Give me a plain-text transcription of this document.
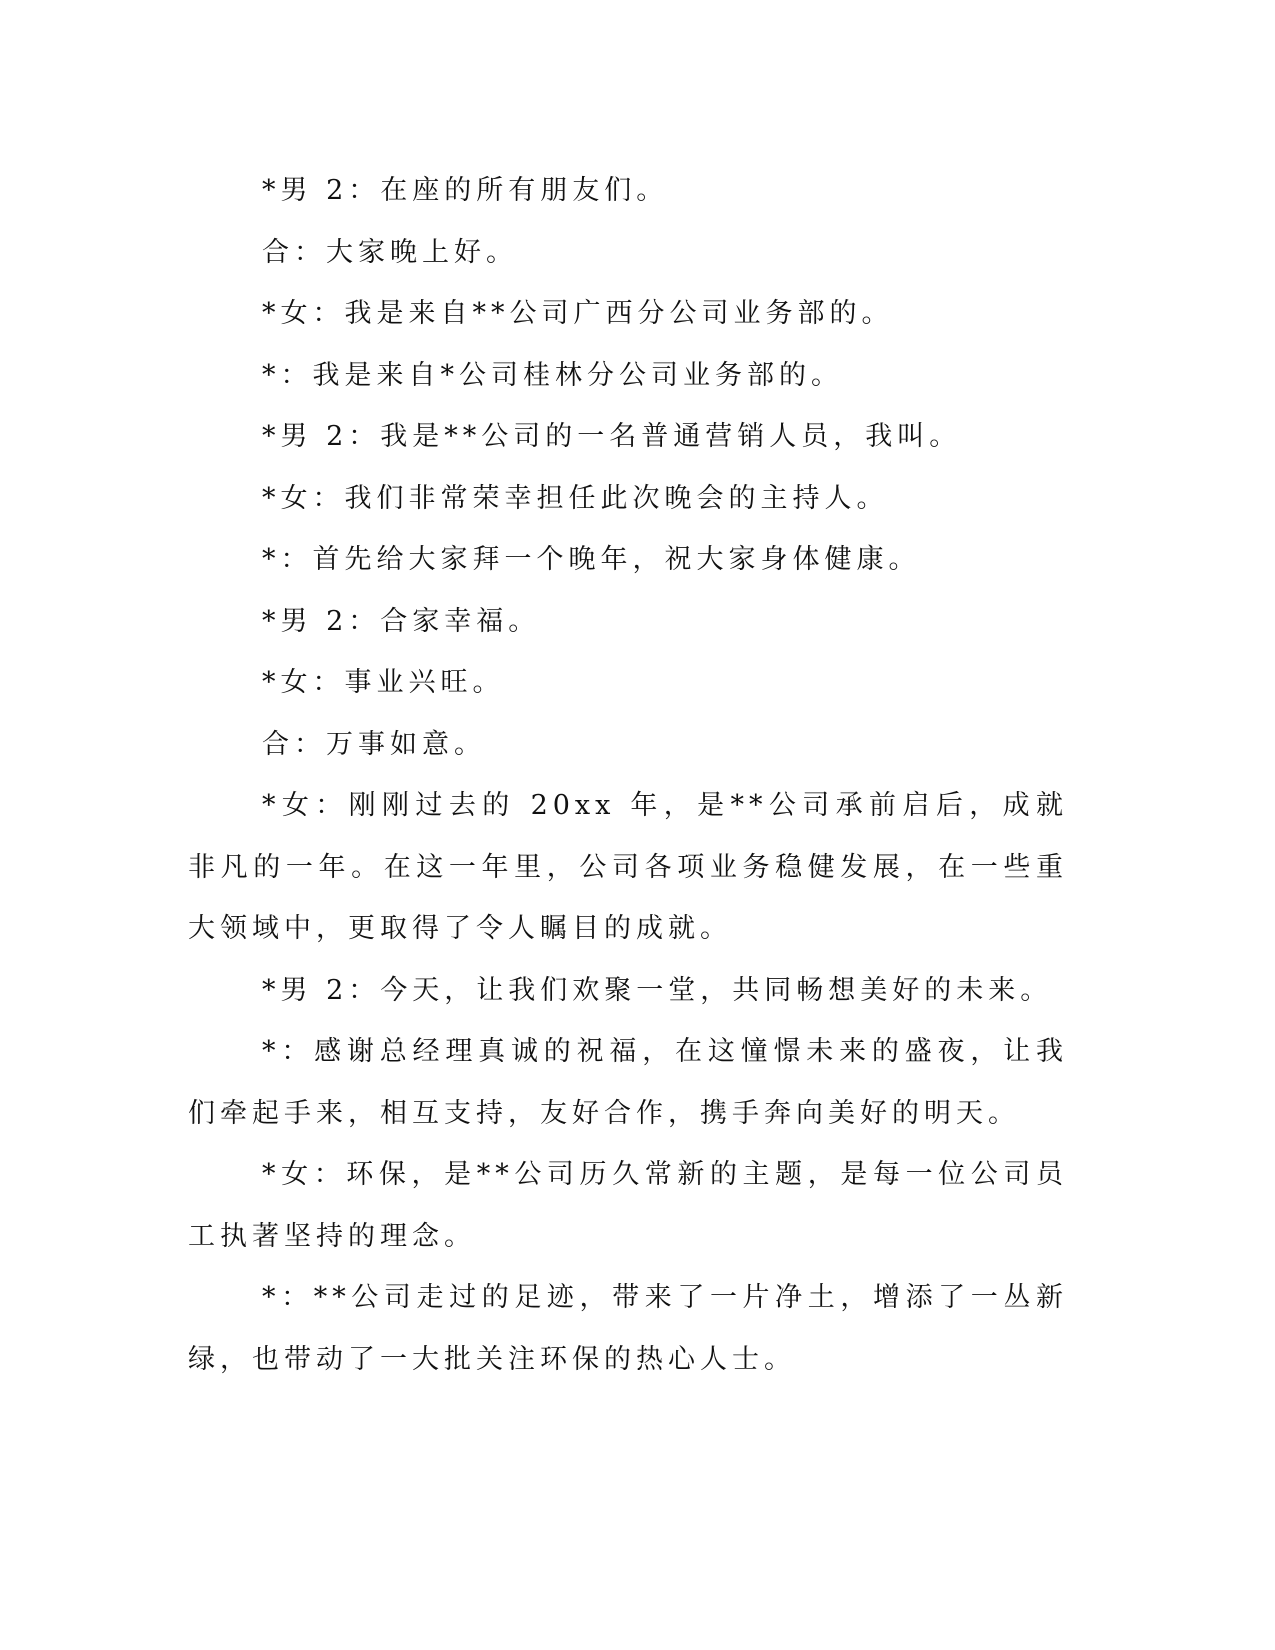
*男 2：在座的所有朋友们。

合：大家晚上好。

*女：我是来自**公司广西分公司业务部的。

*：我是来自*公司桂林分公司业务部的。

*男 2：我是**公司的一名普通营销人员，我叫。

*女：我们非常荣幸担任此次晚会的主持人。

*：首先给大家拜一个晚年，祝大家身体健康。

*男 2：合家幸福。

*女：事业兴旺。

合：万事如意。

*女：刚刚过去的 20xx 年，是**公司承前启后，成就非凡的一年。在这一年里，公司各项业务稳健发展，在一些重大领域中，更取得了令人瞩目的成就。

*男 2：今天，让我们欢聚一堂，共同畅想美好的未来。

*：感谢总经理真诚的祝福，在这憧憬未来的盛夜，让我们牵起手来，相互支持，友好合作，携手奔向美好的明天。

*女：环保，是**公司历久常新的主题，是每一位公司员工执著坚持的理念。

*：**公司走过的足迹，带来了一片净土，增添了一丛新绿，也带动了一大批关注环保的热心人士。
